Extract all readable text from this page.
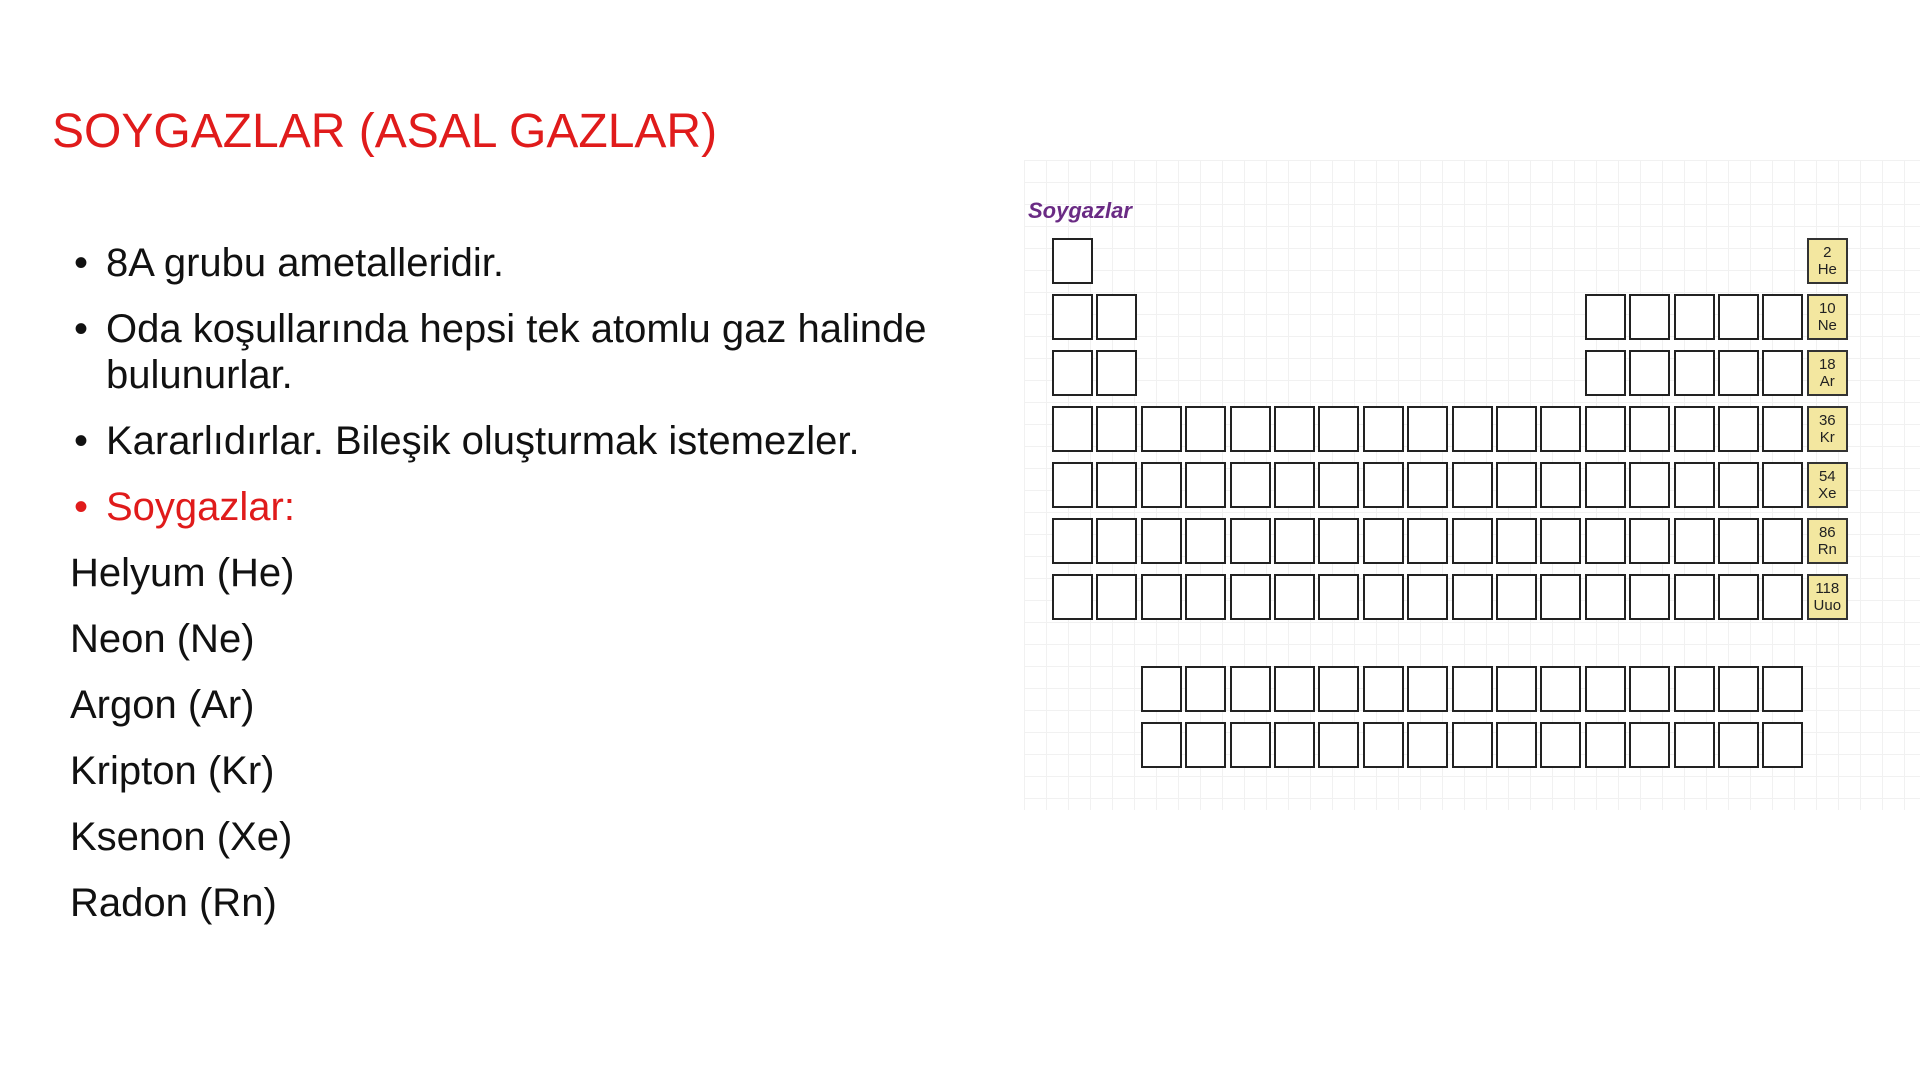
SOYGAZLAR (ASAL GAZLAR)
• 8A grubu ametalleridir.
• Oda koşullarında hepsi tek atomlu gaz halinde bulunurlar.
• Kararlıdırlar. Bileşik oluşturmak istemezler.
• Soygazlar:
Helyum (He)
Neon (Ne)
Argon (Ar)
Kripton (Kr)
Ksenon (Xe)
Radon (Rn)
Soygazlar
2
He
10
Ne
18
Ar
36
Kr
54
Xe
86
Rn
118
Uuo
